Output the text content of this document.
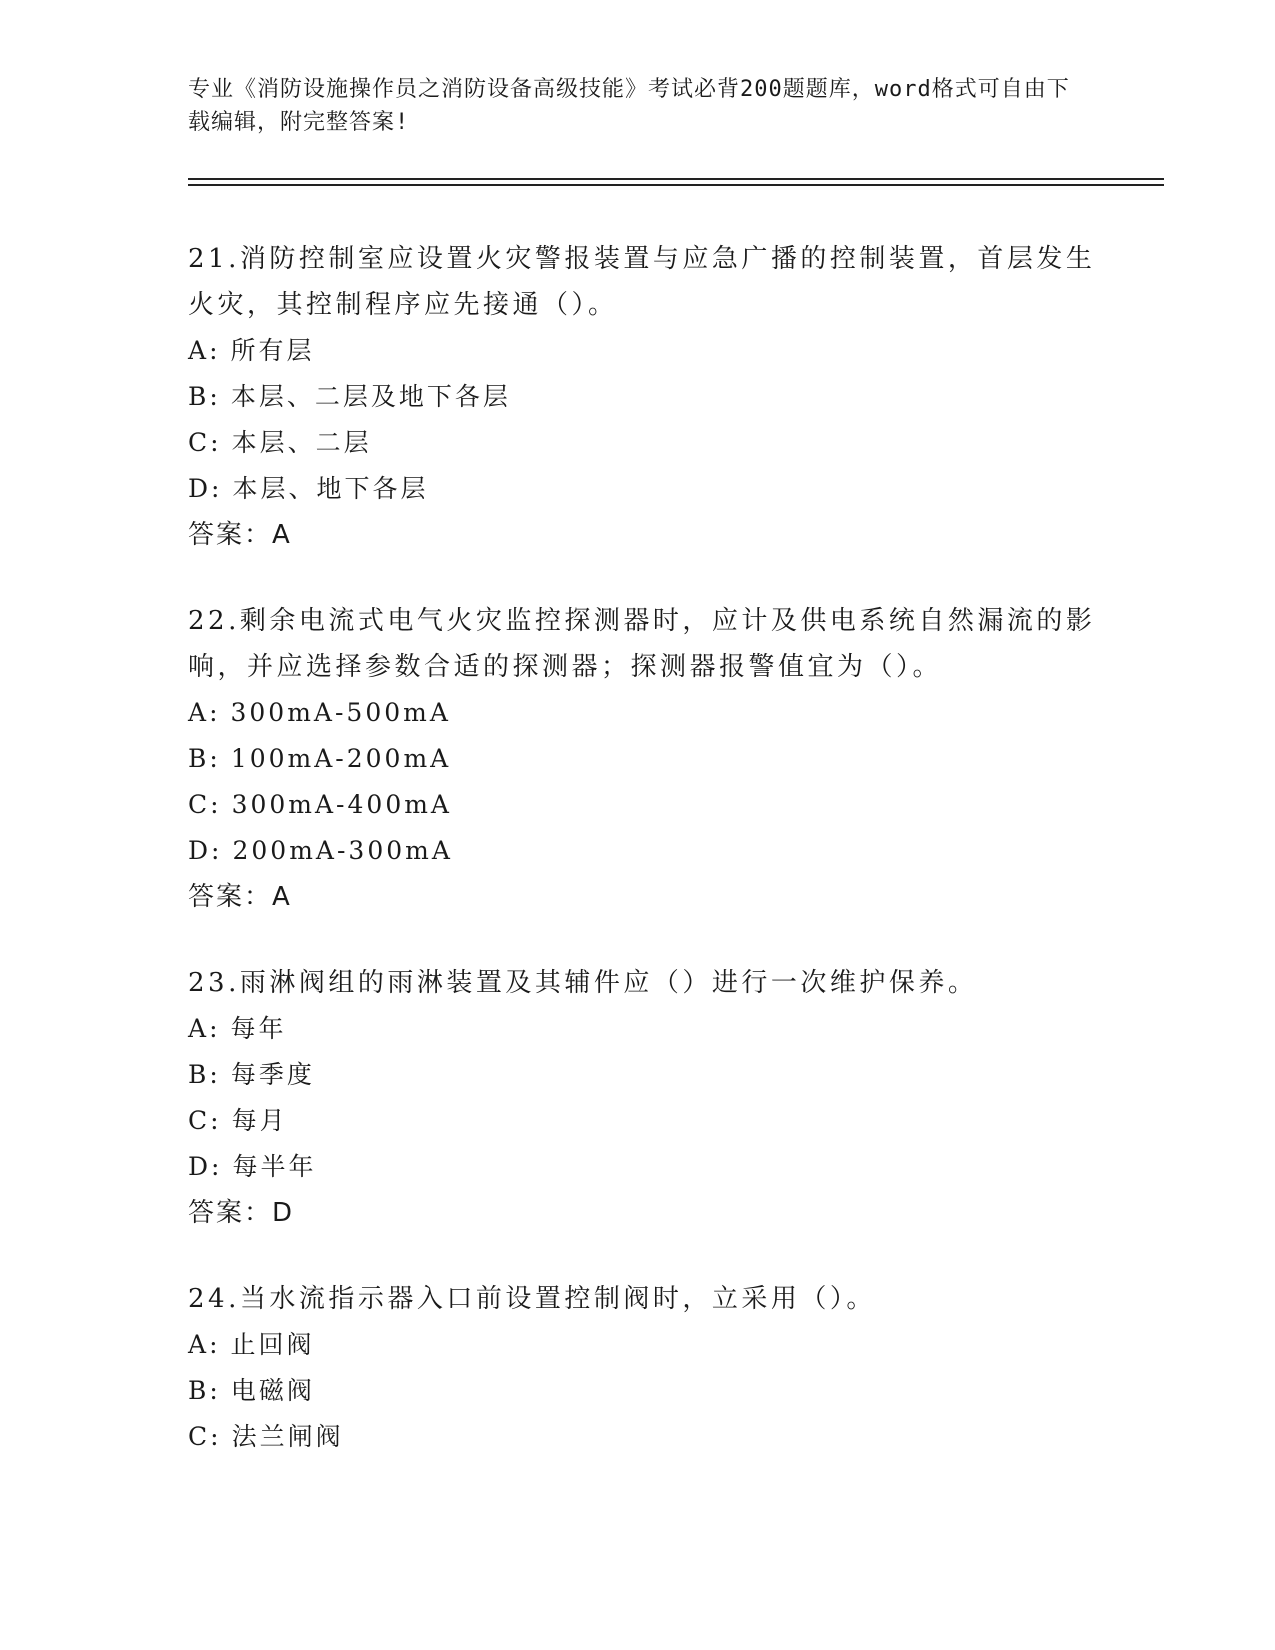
专业《消防设施操作员之消防设备高级技能》考试必背200题题库，word格式可自由下载编辑，附完整答案!

21.消防控制室应设置火灾警报装置与应急广播的控制装置，首层发生火灾，其控制程序应先接通（）。

A: 所有层

B: 本层、二层及地下各层

C: 本层、二层

D: 本层、地下各层

答案：A

22.剩余电流式电气火灾监控探测器时，应计及供电系统自然漏流的影响，并应选择参数合适的探测器；探测器报警值宜为（）。

A: 300mA-500mA

B: 100mA-200mA

C: 300mA-400mA

D: 200mA-300mA

答案：A

23.雨淋阀组的雨淋装置及其辅件应（）进行一次维护保养。

A: 每年

B: 每季度

C: 每月

D: 每半年

答案：D

24.当水流指示器入口前设置控制阀时，立采用（）。

A: 止回阀

B: 电磁阀

C: 法兰闸阀
